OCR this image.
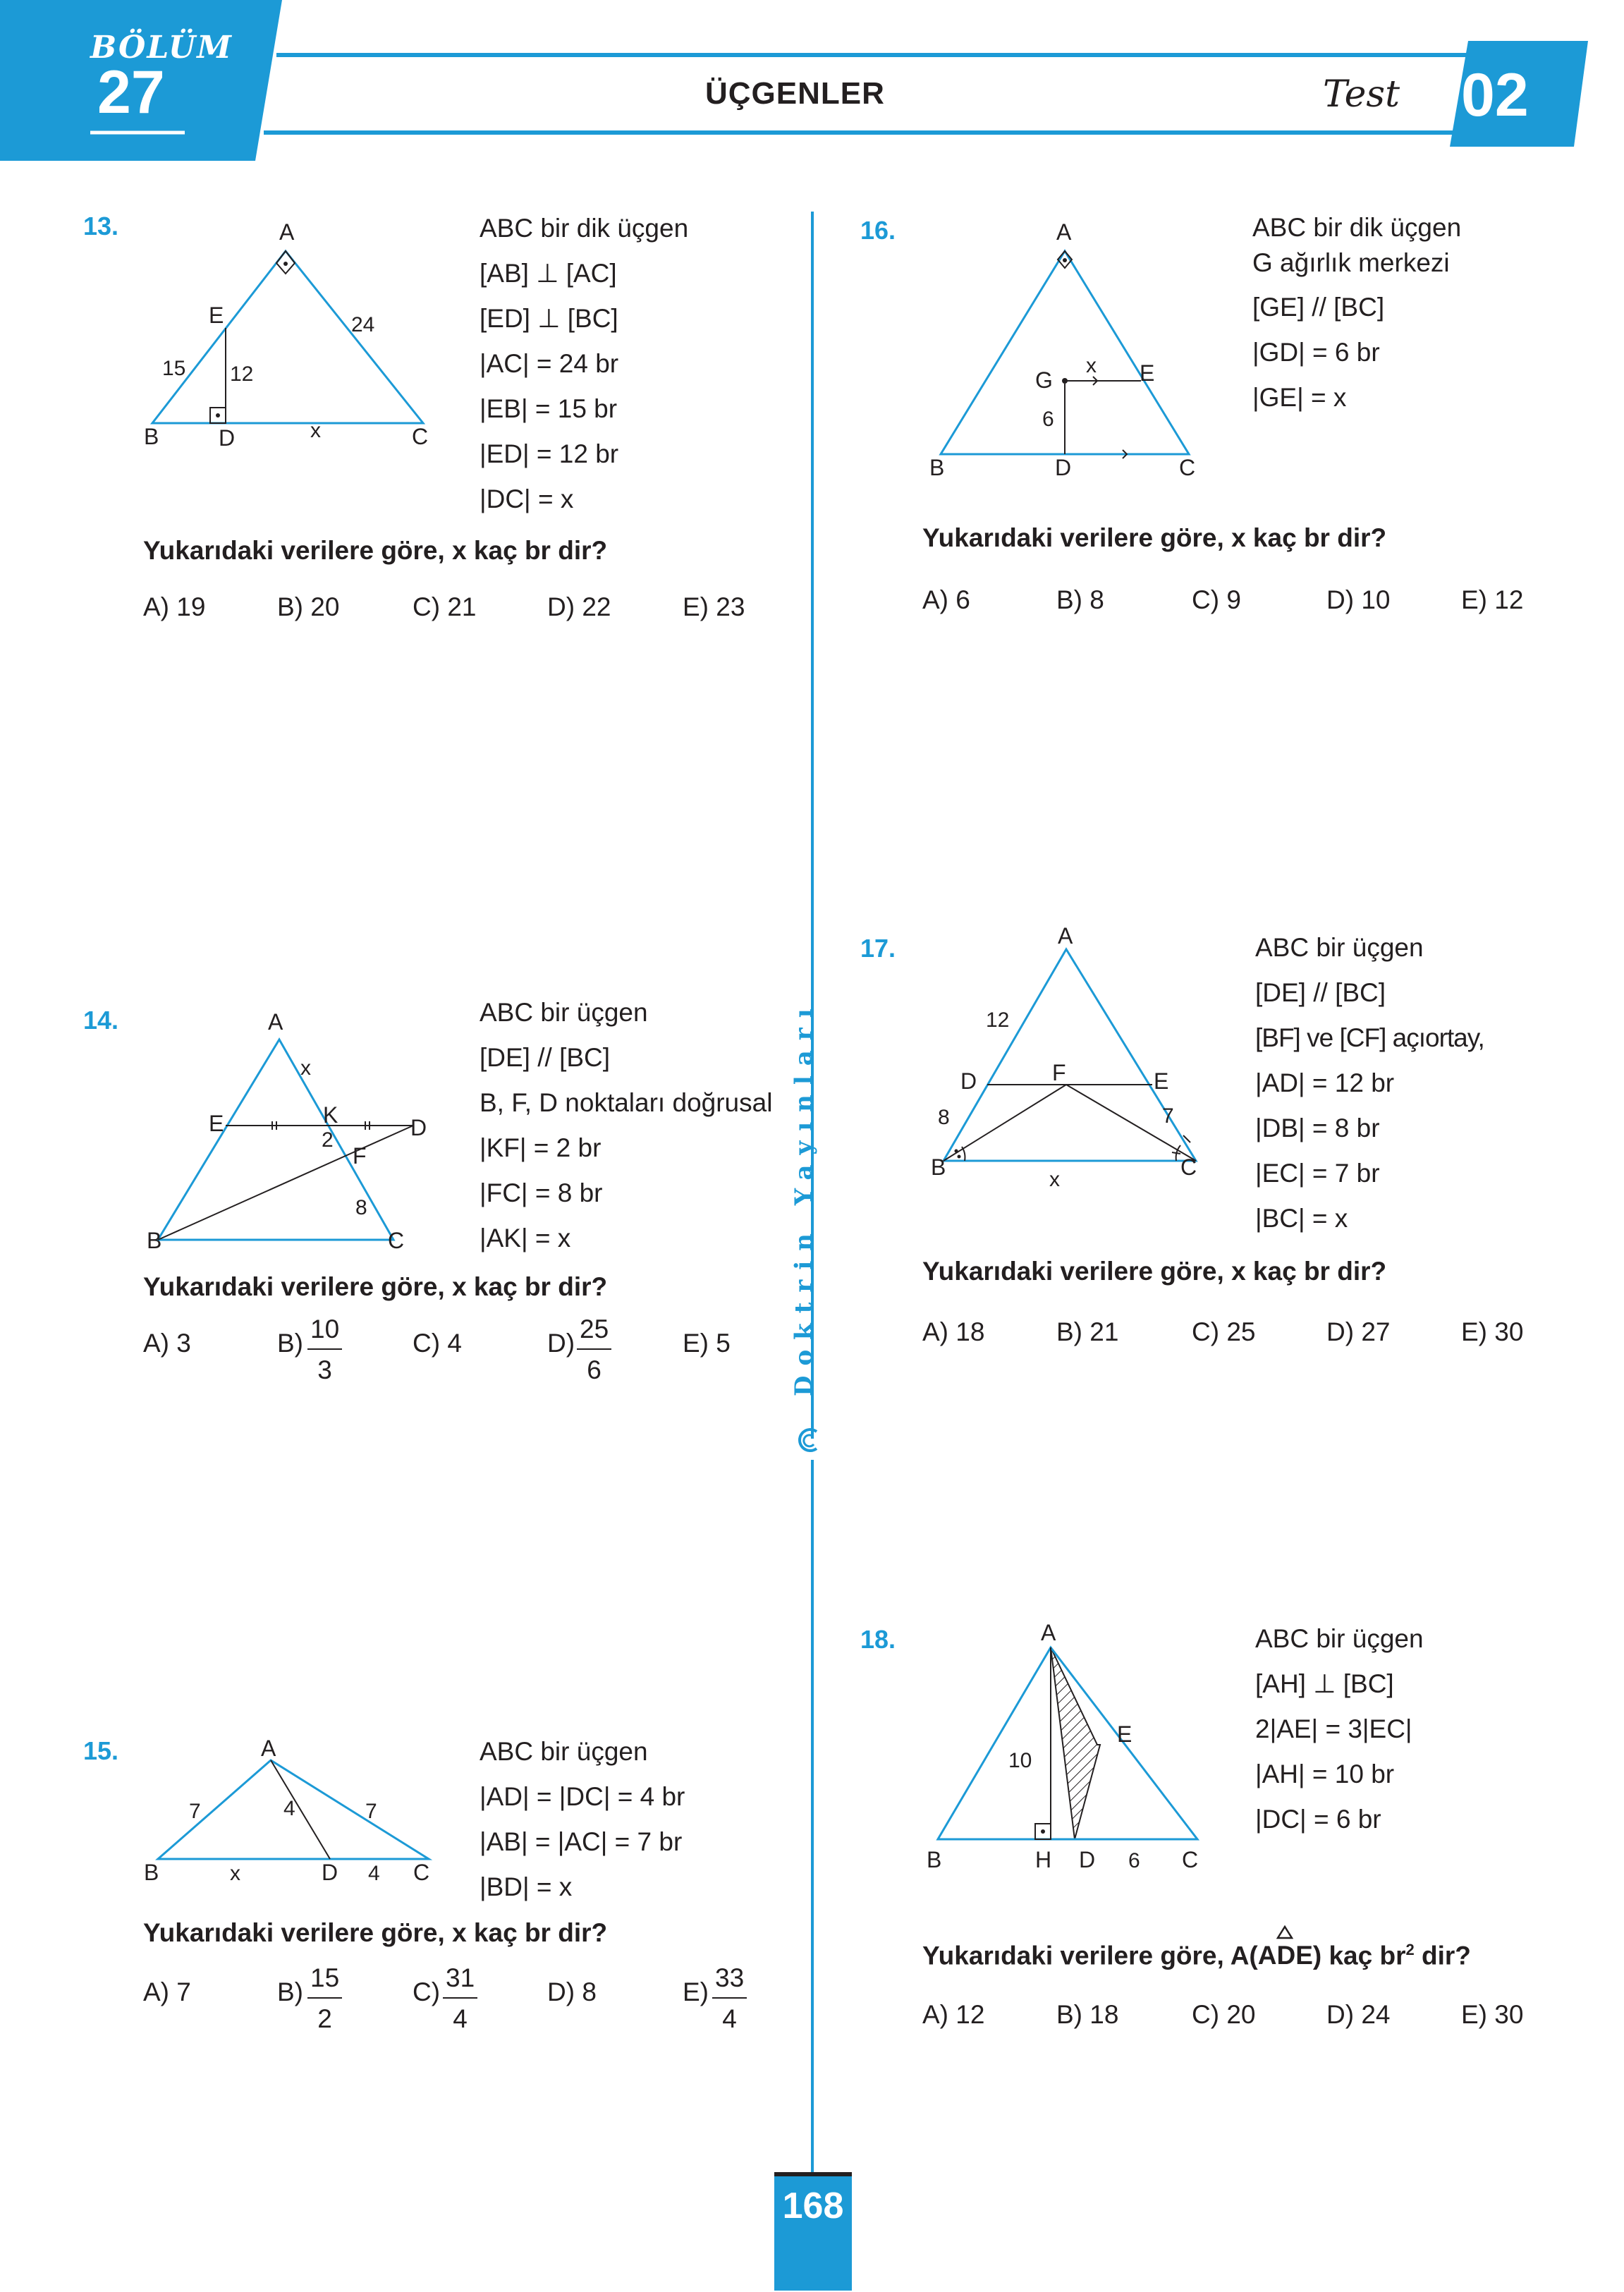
BÖLÜM
27	ÜÇGENLER	Test 02
Doktrin Yayınları
168
13.	A
B	C
D
E	24
15 12
x
ABC bir dik üçgen
[AB] ⊥ [AC]
[ED] ⊥ [BC]
|AC| = 24 br
|EB| = 15 br
|ED| = 12 br
|DC| = x
Yukarıdaki verilere göre, x kaç br dir?
A) 19	B) 20	C) 21	D) 22	E) 23
14.	A
B	C
D
E	K
F
x
2
8
ABC bir üçgen
[DE] // [BC]
B, F, D noktaları doğrusal
|KF| = 2 br
|FC| = 8 br
|AK| = x
Yukarıdaki verilere göre, x kaç br dir?
A) 3	$B) \frac{10}{3}$	C) 4	$D) \frac{25}{6}$	E) 5
15.	A
B	C
D
7	4	7
x	4
ABC bir üçgen
|AD| = |DC| = 4 br
|AB| = |AC| = 7 br
|BD| = x
Yukarıdaki verilere göre, x kaç br dir?
A) 7	$B) \frac{15}{2}$	$C) \frac{31}{4}$	D) 8	$E) \frac{33}{4}$
16.	A
B	C
D
E
G
x
6
ABC bir dik üçgen
G ağırlık merkezi
[GE] // [BC]
|GD| = 6 br
|GE| = x
Yukarıdaki verilere göre, x kaç br dir?
A) 6	B) 8	C) 9	D) 10	E) 12
17.	A
B	C
D	E
F
12
8	7
x
ABC bir üçgen
[DE] // [BC]
[BF] ve [CF] açıortay,
|AD| = 12 br
|DB| = 8 br
|EC| = 7 br
|BC| = x
Yukarıdaki verilere göre, x kaç br dir?
A) 18	B) 21	C) 25	D) 27	E) 30
18.	A
B	C
D
E
H
10
6
ABC bir üçgen
[AH] ⊥ [BC]
2|AE| = 3|EC|
|AH| = 10 br
|DC| = 6 br
Yukarıdaki verilere göre, A(
ADE) kaç $br^2$ dir?
A) 12	B) 18	C) 20	D) 24	E) 30
